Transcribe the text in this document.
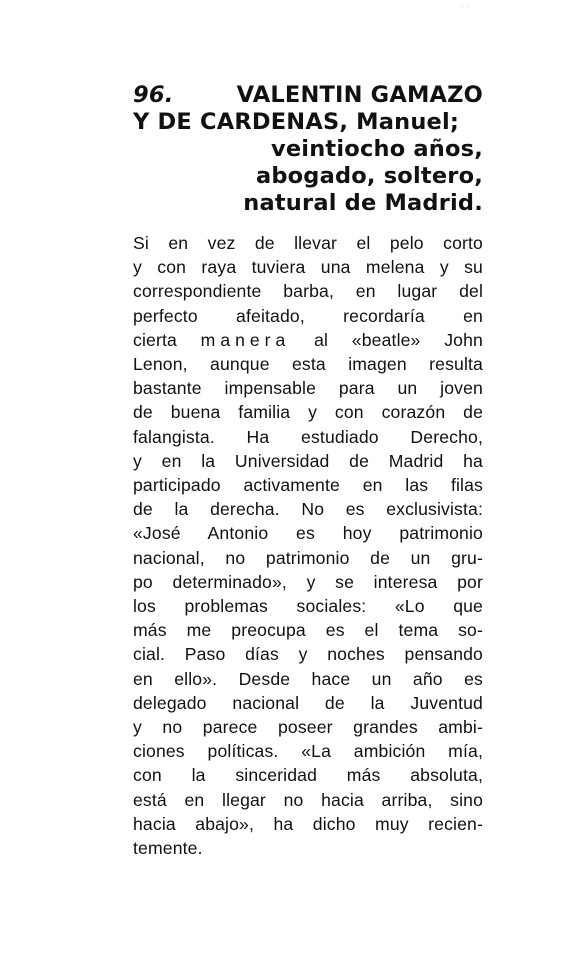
··
96.	VALENTIN GAMAZO
Y DE CARDENAS, Manuel;
veintiocho años,
abogado, soltero,
natural de Madrid.
Si en vez de llevar el pelo corto
y con raya tuviera una melena y su
correspondiente barba, en lugar del
perfecto afeitado, recordaría en
cierta manera al «beatle» John
Lenon, aunque esta imagen resulta
bastante impensable para un joven
de buena familia y con corazón de
falangista. Ha estudiado Derecho,
y en la Universidad de Madrid ha
participado activamente en las filas
de la derecha. No es exclusivista:
«José Antonio es hoy patrimonio
nacional, no patrimonio de un gru-
po determinado», y se interesa por
los problemas sociales: «Lo que
más me preocupa es el tema so-
cial. Paso días y noches pensando
en ello». Desde hace un año es
delegado nacional de la Juventud
y no parece poseer grandes ambi-
ciones políticas. «La ambición mía,
con la sinceridad más absoluta,
está en llegar no hacia arriba, sino
hacia abajo», ha dicho muy recien-
temente.
